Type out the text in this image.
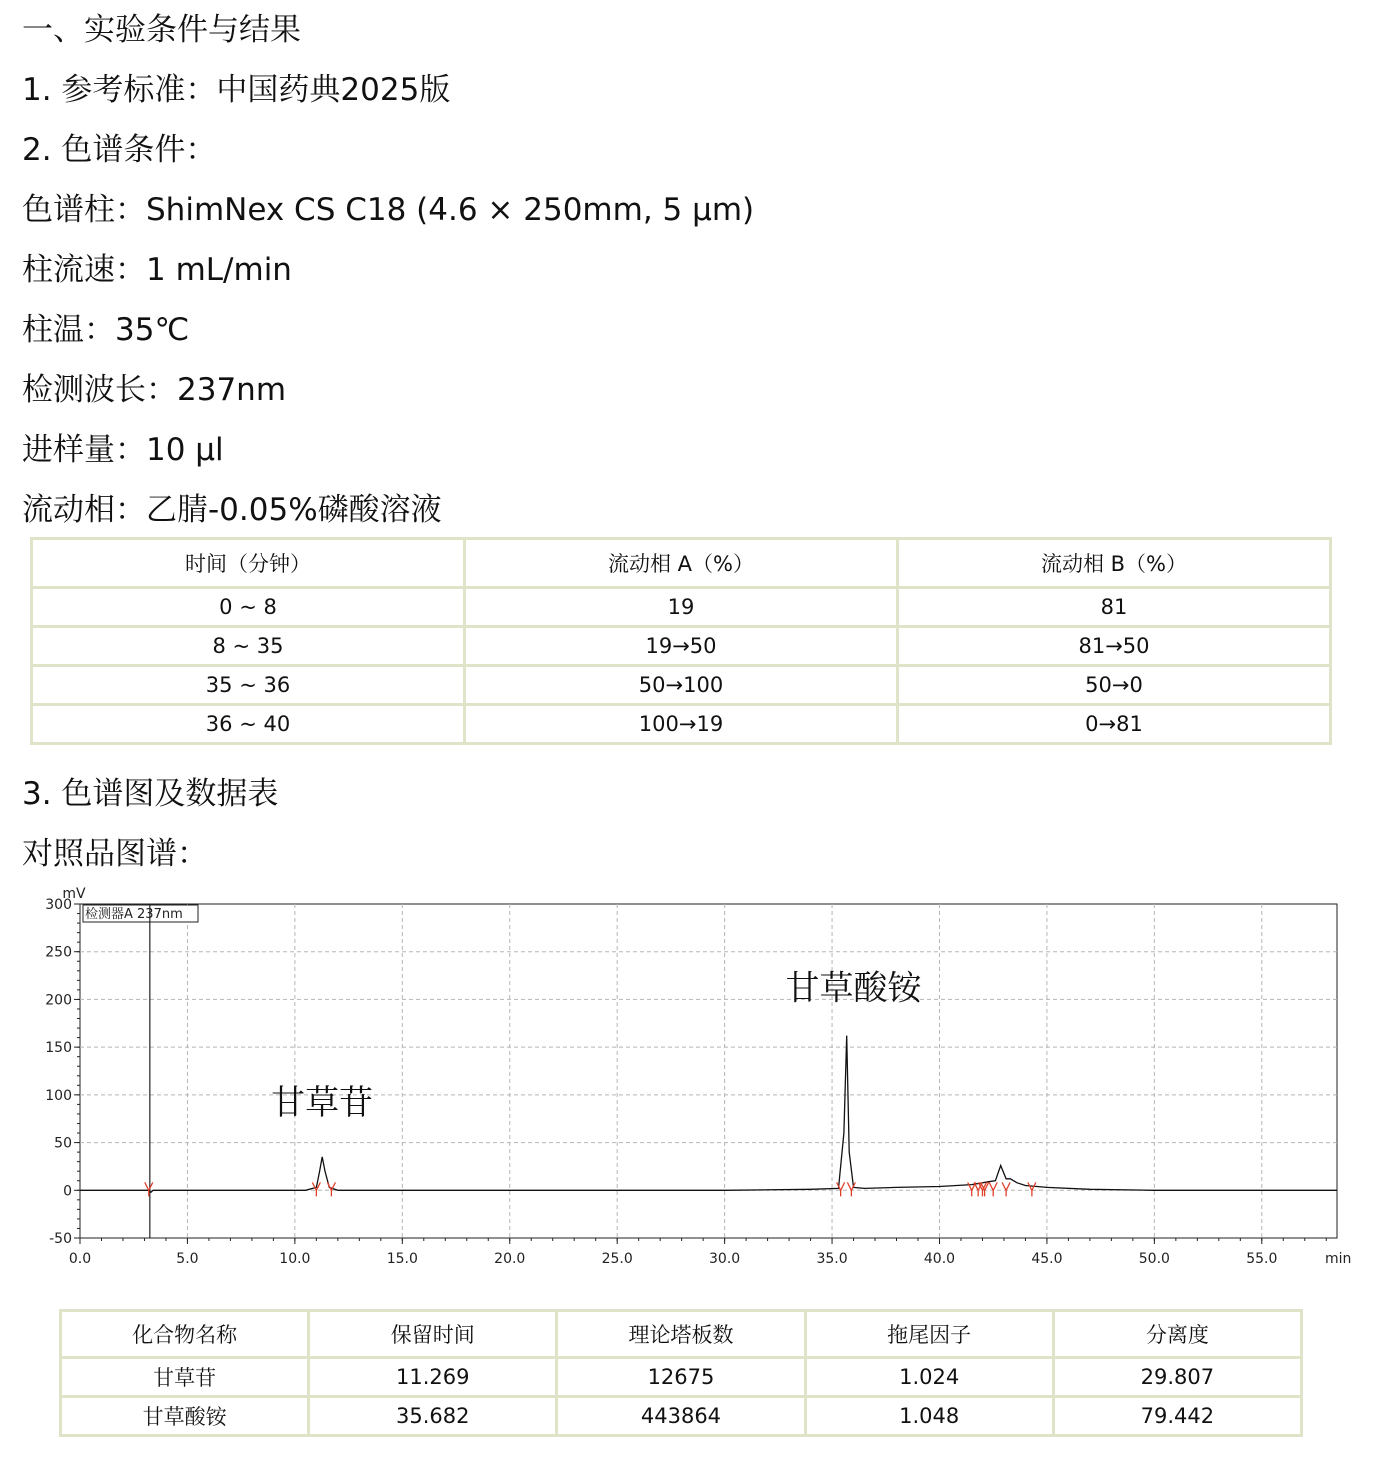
一、实验条件与结果
1. 参考标准：中国药典2025版
2. 色谱条件：
色谱柱：ShimNex CS C18 (4.6 × 250mm, 5 μm)
柱流速：1 mL/min
柱温：35℃
检测波长：237nm
进样量：10 μl
流动相：乙腈-0.05%磷酸溶液
时间（分钟）	流动相 A（%）	流动相 B（%）
0 ~ 8	19	81
8 ~ 35	19→50	81→50
35 ~ 36	50→100	50→0
36 ~ 40	100→19	0→81
3. 色谱图及数据表
对照品图谱：
300
250
200
150
100
50
0
-50
0.0	5.0	10.0	15.0	20.0	25.0	30.0	35.0	40.0	45.0	50.0	55.0
mV
min
检测器A 237nm
甘草苷
甘草酸铵
化合物名称	保留时间	理论塔板数	拖尾因子	分离度
甘草苷	11.269	12675	1.024	29.807
甘草酸铵	35.682	443864	1.048	79.442
